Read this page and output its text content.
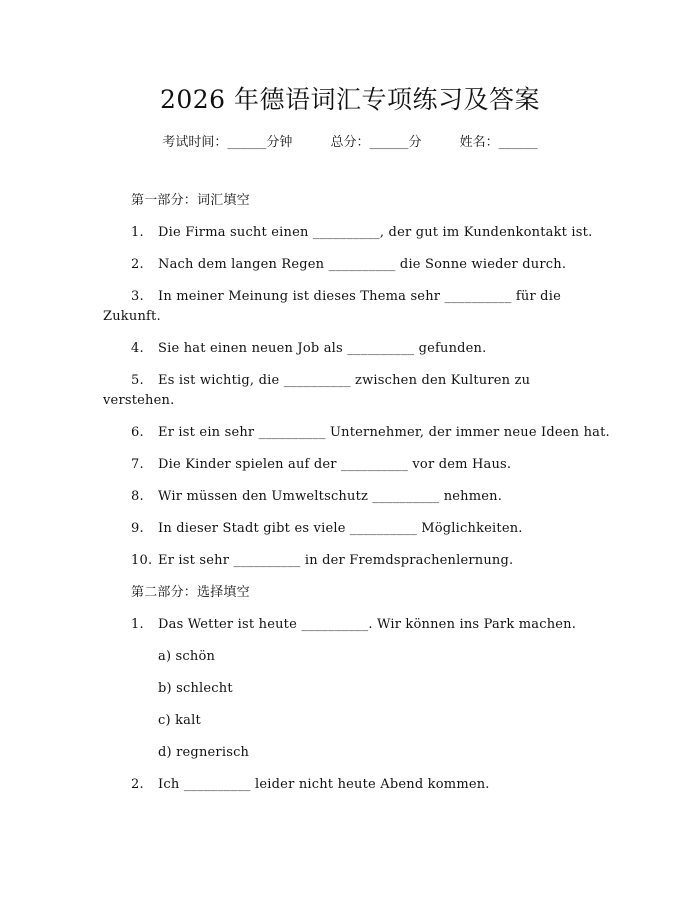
2026 年德语词汇专项练习及答案
考试时间：______分钟	总分：______分	姓名：______
第一部分：词汇填空
1. Die Firma sucht einen __________, der gut im Kundenkontakt ist.
2. Nach dem langen Regen __________ die Sonne wieder durch.
3. In meiner Meinung ist dieses Thema sehr __________ für die
Zukunft.
4. Sie hat einen neuen Job als __________ gefunden.
5. Es ist wichtig, die __________ zwischen den Kulturen zu
verstehen.
6. Er ist ein sehr __________ Unternehmer, der immer neue Ideen hat.
7. Die Kinder spielen auf der __________ vor dem Haus.
8. Wir müssen den Umweltschutz __________ nehmen.
9. In dieser Stadt gibt es viele __________ Möglichkeiten.
10. Er ist sehr __________ in der Fremdsprachenlernung.
第二部分：选择填空
1. Das Wetter ist heute __________. Wir können ins Park machen.
a) schön
b) schlecht
c) kalt
d) regnerisch
2. Ich __________ leider nicht heute Abend kommen.
